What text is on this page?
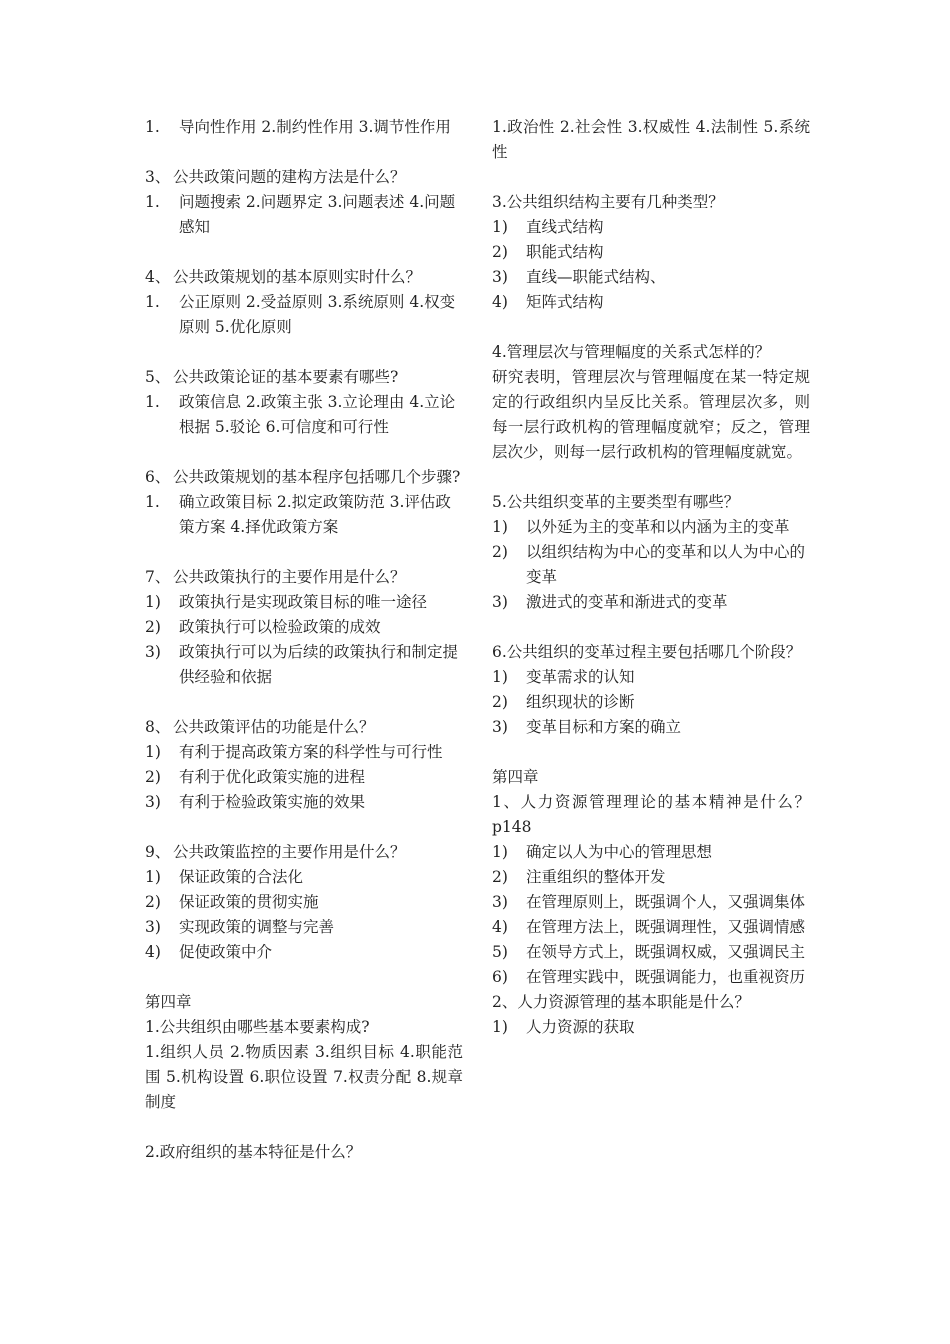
1. 导向性作用 2.制约性作用 3.调节性作用
3、 公共政策问题的建构方法是什么？
1. 问题搜索 2.问题界定 3.问题表述 4.问题感知
4、 公共政策规划的基本原则实时什么？
1. 公正原则 2.受益原则 3.系统原则 4.权变原则 5.优化原则
5、 公共政策论证的基本要素有哪些?
1. 政策信息 2.政策主张 3.立论理由 4.立论根据 5.驳论 6.可信度和可行性
6、 公共政策规划的基本程序包括哪几个步骤?
1. 确立政策目标 2.拟定政策防范 3.评估政策方案 4.择优政策方案
7、 公共政策执行的主要作用是什么？
1) 政策执行是实现政策目标的唯一途径
2) 政策执行可以检验政策的成效
3) 政策执行可以为后续的政策执行和制定提供经验和依据
8、 公共政策评估的功能是什么？
1) 有利于提高政策方案的科学性与可行性
2) 有利于优化政策实施的进程
3) 有利于检验政策实施的效果
9、 公共政策监控的主要作用是什么？
1) 保证政策的合法化
2) 保证政策的贯彻实施
3) 实现政策的调整与完善
4) 促使政策中介
第四章
1.公共组织由哪些基本要素构成?
1.组织人员 2.物质因素 3.组织目标 4.职能范围 5.机构设置 6.职位设置 7.权责分配 8.规章制度
2.政府组织的基本特征是什么？
1.政治性 2.社会性 3.权威性 4.法制性 5.系统性
3.公共组织结构主要有几种类型？
1) 直线式结构
2) 职能式结构
3) 直线—职能式结构、
4) 矩阵式结构
4.管理层次与管理幅度的关系式怎样的？
研究表明，管理层次与管理幅度在某一特定规定的行政组织内呈反比关系。管理层次多，则每一层行政机构的管理幅度就窄；反之，管理层次少，则每一层行政机构的管理幅度就宽。
5.公共组织变革的主要类型有哪些？
1) 以外延为主的变革和以内涵为主的变革
2) 以组织结构为中心的变革和以人为中心的变革
3) 激进式的变革和渐进式的变革
6.公共组织的变革过程主要包括哪几个阶段？
1) 变革需求的认知
2) 组织现状的诊断
3) 变革目标和方案的确立
第四章
1、人力资源管理理论的基本精神是什么？p148
1) 确定以人为中心的管理思想
2) 注重组织的整体开发
3) 在管理原则上，既强调个人，又强调集体
4) 在管理方法上，既强调理性，又强调情感
5) 在领导方式上，既强调权威，又强调民主
6) 在管理实践中，既强调能力，也重视资历
2、人力资源管理的基本职能是什么？
1) 人力资源的获取
